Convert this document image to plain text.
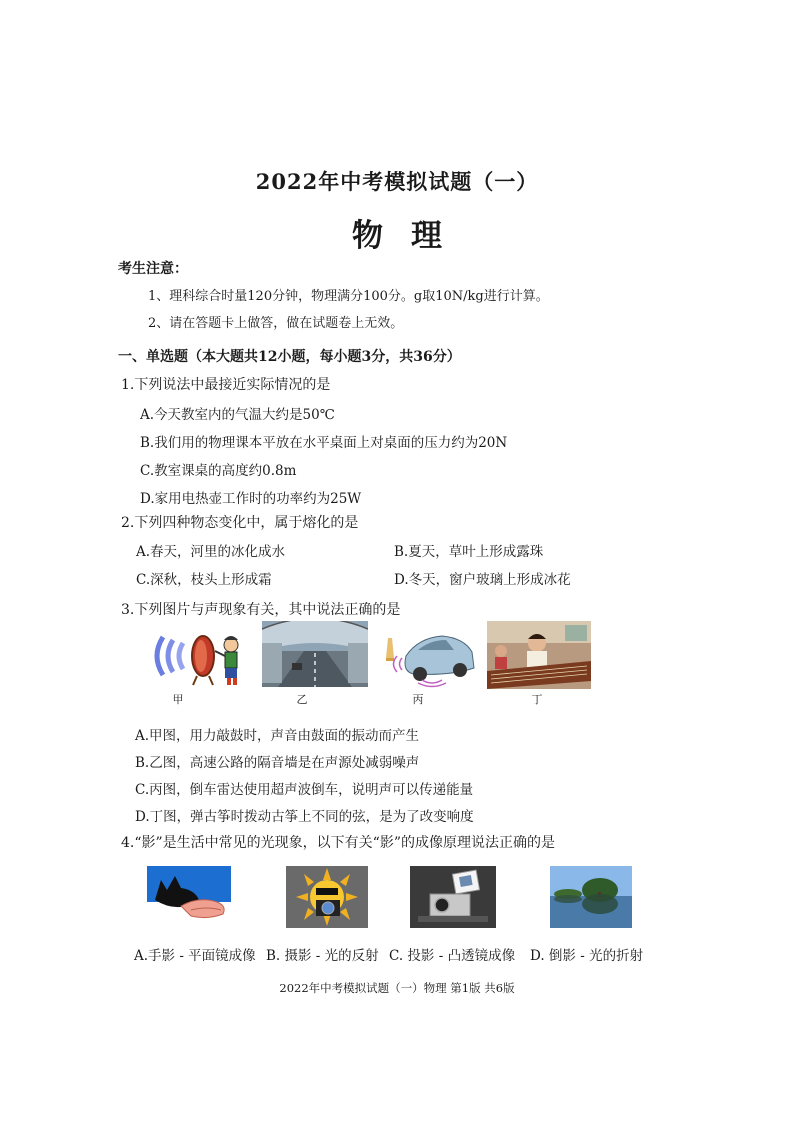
2022年中考模拟试题（一）
物理
考生注意：
1、理科综合时量120分钟，物理满分100分。g取10N/kg进行计算。
2、请在答题卡上做答，做在试题卷上无效。
一、单选题（本大题共12小题，每小题3分，共36分）
1.下列说法中最接近实际情况的是
A.今天教室内的气温大约是50℃
B.我们用的物理课本平放在水平桌面上对桌面的压力约为20N
C.教室课桌的高度约0.8m
D.家用电热壶工作时的功率约为25W
2.下列四种物态变化中，属于熔化的是
A.春天，河里的冰化成水	B.夏天，草叶上形成露珠
C.深秋，枝头上形成霜	D.冬天，窗户玻璃上形成冰花
3.下列图片与声现象有关，其中说法正确的是
甲	乙	丙	丁
A.甲图，用力敲鼓时，声音由鼓面的振动而产生
B.乙图，高速公路的隔音墙是在声源处减弱噪声
C.丙图，倒车雷达使用超声波倒车，说明声可以传递能量
D.丁图，弹古筝时拨动古筝上不同的弦，是为了改变响度
4.“影”是生活中常见的光现象，以下有关“影”的成像原理说法正确的是
A.手影 - 平面镜成像 B. 摄影 - 光的反射 C. 投影 - 凸透镜成像 D. 倒影 - 光的折射
2022年中考模拟试题（一）物理 第1版 共6版
